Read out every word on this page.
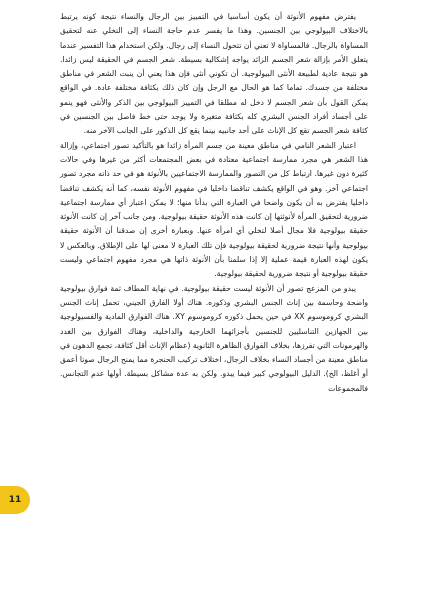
يفترض مفهوم الأنوثة أن يكون أساسيا في التمييز بين الرجال والنساء نتيجة كونه يرتبط بالاختلاف البيولوجي بين الجنسين. وهذا ما يفسر عدم حاجة النساء إلى التخلي عنه لتحقيق المساواة بالرجال. فالمساواة لا تعني أن تتحول النساء إلى رجال. ولكن استخدام هذا التفسير عندما يتعلق الأمر بإزالة شعر الجسم الزائد يواجه إشكالية بسيطة. شعر الجسم في الحقيقة ليس زائدا. هو نتيجة عادية لطبيعة الأنثى البيولوجية. أن تكوني أنثى فإن هذا يعني أن ينبت الشعر في مناطق مختلفة من جسدك. تماما كما هو الحال مع الرجل وإن كان ذلك بكثافة مختلفة عادة. في الواقع يمكن القول بأن شعر الجسم لا دخل له مطلقا في التمييز البيولوجي بين الذكر والأنثى فهو ينمو على أجساد أفراد الجنس البشري كله بكثافة متغيرة ولا يوجد حتى خط فاصل بين الجنسين في كثافة شعر الجسم تقع كل الإناث على أحد جانبيه بينما يقع كل الذكور على الجانب الآخر منه.

اعتبار الشعر النامي في مناطق معينة من جسم المرأة زائدا هو بالتأكيد تصور اجتماعي، وإزالة هذا الشعر هي مجرد ممارسة اجتماعية معتادة في بعض المجتمعات أكثر من غيرها وفي حالات كثيرة دون غيرها. ارتباط كل من التصور والممارسة الاجتماعيين بالأنوثة هو في حد ذاته مجرد تصور اجتماعي آخر. وهو في الواقع يكشف تناقضا داخليا في مفهوم الأنوثة نفسه، كما أنه يكشف تناقضا داخليا يفترض به أن يكون واضحا في العبارة التي بدأنا منها؛ لا يمكن اعتبار أي ممارسة اجتماعية ضرورية لتحقيق المرأة لأنوثتها إن كانت هذه الأنوثة حقيقة بيولوجية. ومن جانب آخر إن كانت الأنوثة حقيقة بيولوجية فلا مجال أصلا لتخلي أي امرأة عنها. وبعبارة أخرى إن صدقنا أن الأنوثة حقيقة بيولوجية وأنها نتيجة ضرورية لحقيقة بيولوجية فإن تلك العبارة لا معنى لها على الإطلاق. وبالعكس لا يكون لهذه العبارة قيمة عملية إلا إذا سلمنا بأن الأنوثة ذاتها هي مجرد مفهوم اجتماعي وليست حقيقة بيولوجية أو نتيجة ضرورية لحقيقة بيولوجية.

يبدو من المزعج تصور أن الأنوثة ليست حقيقة بيولوجية. في نهاية المطاف ثمة فوارق بيولوجية واضحة وحاسمة بين إناث الجنس البشري وذكوره. هناك أولا الفارق الجيني، تحمل إناث الجنس البشري كروموسوم XX في حين يحمل ذكوره كروموسوم XY. هناك الفوارق المادية والفسيولوجية بين الجهازين التناسليين للجنسين بأجزائهما الخارجية والداخلية، وهناك الفوارق بين الغدد والهرمونات التي تفرزها، بخلاف الفوارق الظاهرة الثانوية (عظام الإناث أقل كثافة، تجمع الدهون في مناطق معينة من أجساد النساء بخلاف الرجال، اختلاف تركيب الحنجرة مما يمنح الرجال صوتا أعمق أو أغلظ، الخ). الدليل البيولوجي كبير فيما يبدو. ولكن به عدة مشاكل بسيطة. أولها عدم التجانس. فالمجموعات

11
